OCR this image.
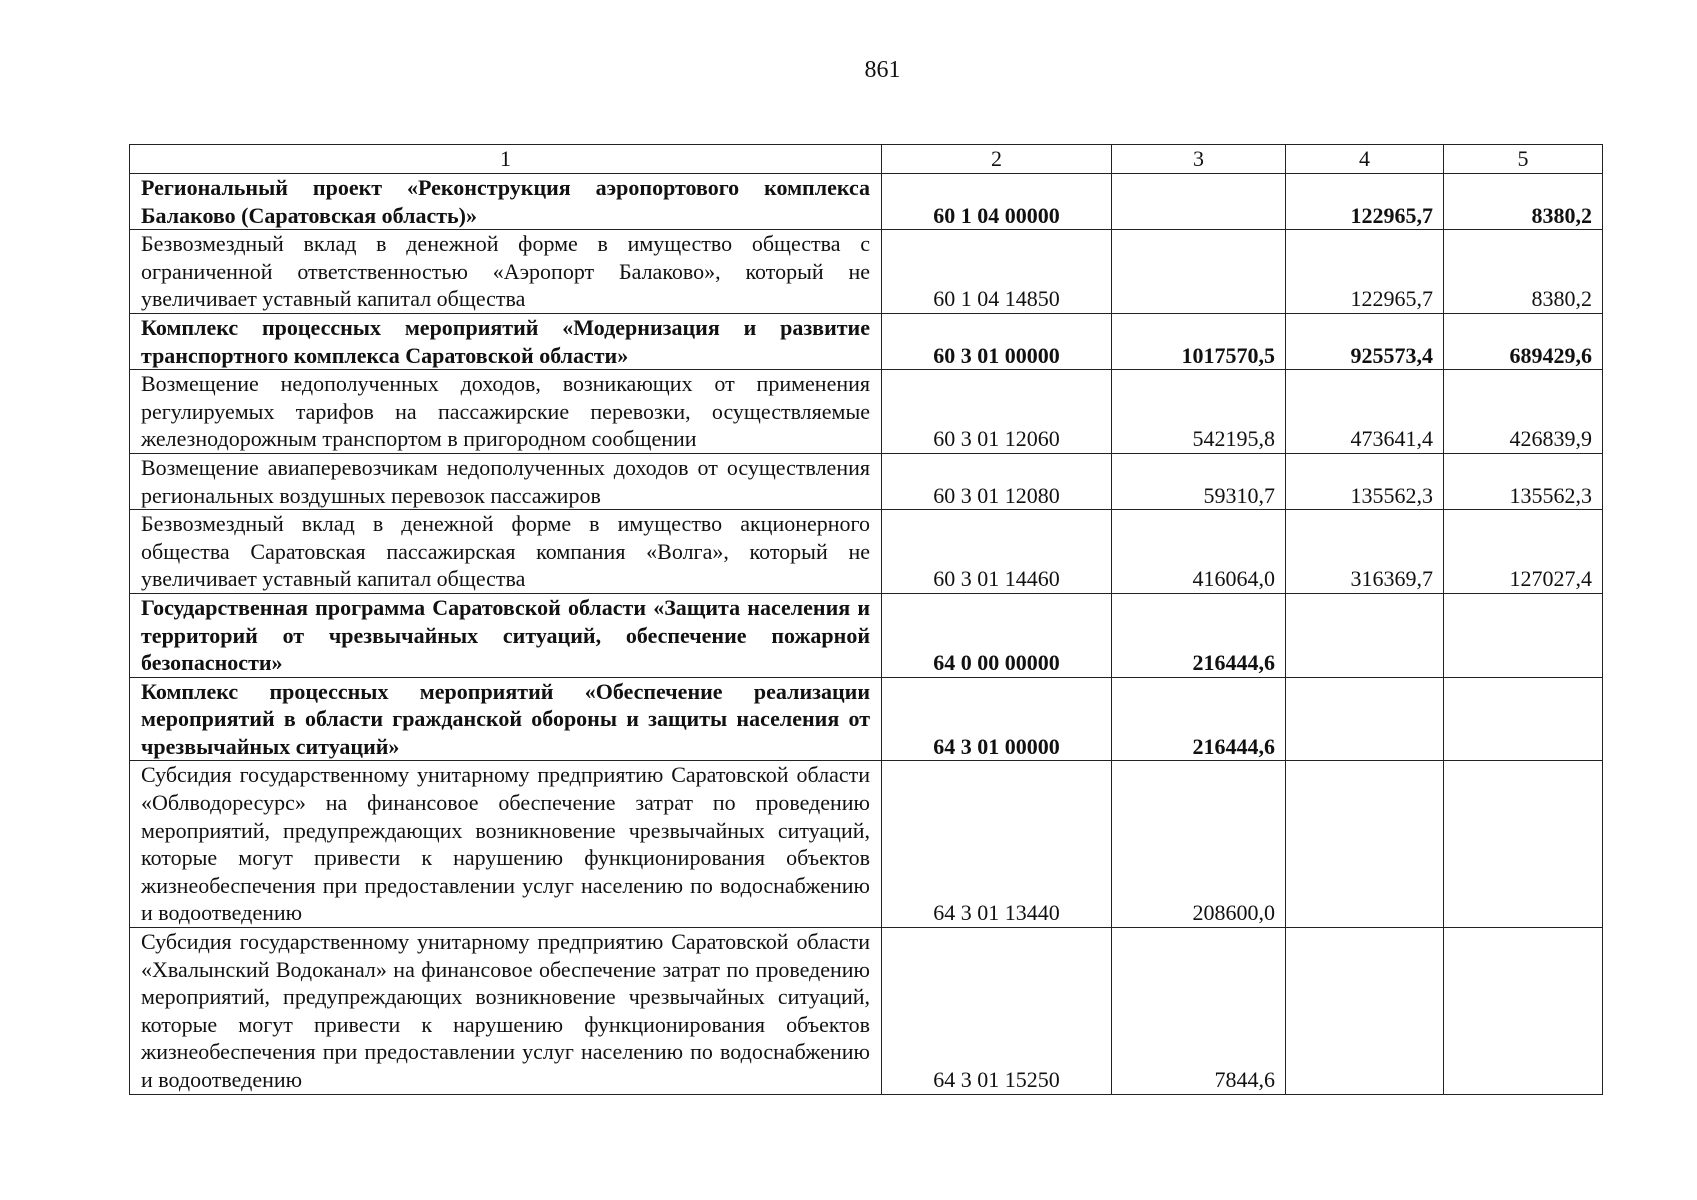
861
1	2	3	4	5
Региональный проект «Реконструкция аэропортового комплекса Балаково (Саратовская область)»	60 1 04 00000		122965,7	8380,2
Безвозмездный вклад в денежной форме в имущество общества с ограниченной ответственностью «Аэропорт Балаково», который не увеличивает уставный капитал общества	60 1 04 14850		122965,7	8380,2
Комплекс процессных мероприятий «Модернизация и развитие транспортного комплекса Саратовской области»	60 3 01 00000	1017570,5	925573,4	689429,6
Возмещение недополученных доходов, возникающих от применения регулируемых тарифов на пассажирские перевозки, осуществляемые железнодорожным транспортом в пригородном сообщении	60 3 01 12060	542195,8	473641,4	426839,9
Возмещение авиаперевозчикам недополученных доходов от осуществления региональных воздушных перевозок пассажиров	60 3 01 12080	59310,7	135562,3	135562,3
Безвозмездный вклад в денежной форме в имущество акционерного общества Саратовская пассажирская компания «Волга», который не увеличивает уставный капитал общества	60 3 01 14460	416064,0	316369,7	127027,4
Государственная программа Саратовской области «Защита населения и территорий от чрезвычайных ситуаций, обеспечение пожарной безопасности»	64 0 00 00000	216444,6		
Комплекс процессных мероприятий «Обеспечение реализации мероприятий в области гражданской обороны и защиты населения от чрезвычайных ситуаций»	64 3 01 00000	216444,6		
Субсидия государственному унитарному предприятию Саратовской области «Облводоресурс» на финансовое обеспечение затрат по проведению мероприятий, предупреждающих возникновение чрезвычайных ситуаций, которые могут привести к нарушению функционирования объектов жизнеобеспечения при предоставлении услуг населению по водоснабжению и водоотведению	64 3 01 13440	208600,0		
Субсидия государственному унитарному предприятию Саратовской области «Хвалынский Водоканал» на финансовое обеспечение затрат по проведению мероприятий, предупреждающих возникновение чрезвычайных ситуаций, которые могут привести к нарушению функционирования объектов жизнеобеспечения при предоставлении услуг населению по водоснабжению и водоотведению	64 3 01 15250	7844,6		
